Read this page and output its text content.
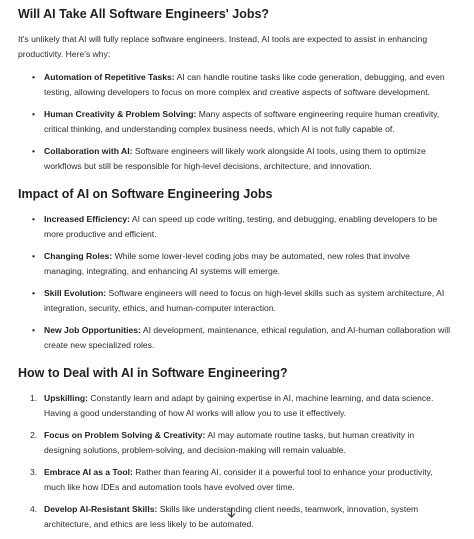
Will AI Take All Software Engineers' Jobs?

It's unlikely that AI will fully replace software engineers. Instead, AI tools are expected to assist in enhancing productivity. Here's why:

• Automation of Repetitive Tasks: AI can handle routine tasks like code generation, debugging, and even testing, allowing developers to focus on more complex and creative aspects of software development.
• Human Creativity & Problem Solving: Many aspects of software engineering require human creativity, critical thinking, and understanding complex business needs, which AI is not fully capable of.
• Collaboration with AI: Software engineers will likely work alongside AI tools, using them to optimize workflows but still be responsible for high-level decisions, architecture, and innovation.
Impact of AI on Software Engineering Jobs
• Increased Efficiency: AI can speed up code writing, testing, and debugging, enabling developers to be more productive and efficient.
• Changing Roles: While some lower-level coding jobs may be automated, new roles that involve managing, integrating, and enhancing AI systems will emerge.
• Skill Evolution: Software engineers will need to focus on high-level skills such as system architecture, AI integration, security, ethics, and human-computer interaction.
• New Job Opportunities: AI development, maintenance, ethical regulation, and AI-human collaboration will create new specialized roles.
How to Deal with AI in Software Engineering?
1. Upskilling: Constantly learn and adapt by gaining expertise in AI, machine learning, and data science. Having a good understanding of how AI works will allow you to use it effectively.
2. Focus on Problem Solving & Creativity: AI may automate routine tasks, but human creativity in designing solutions, problem-solving, and decision-making will remain valuable.
3. Embrace AI as a Tool: Rather than fearing AI, consider it a powerful tool to enhance your productivity, much like how IDEs and automation tools have evolved over time.
4. Develop AI-Resistant Skills: Skills like understanding client needs, teamwork, innovation, system architecture, and ethics are less likely to be automated.
